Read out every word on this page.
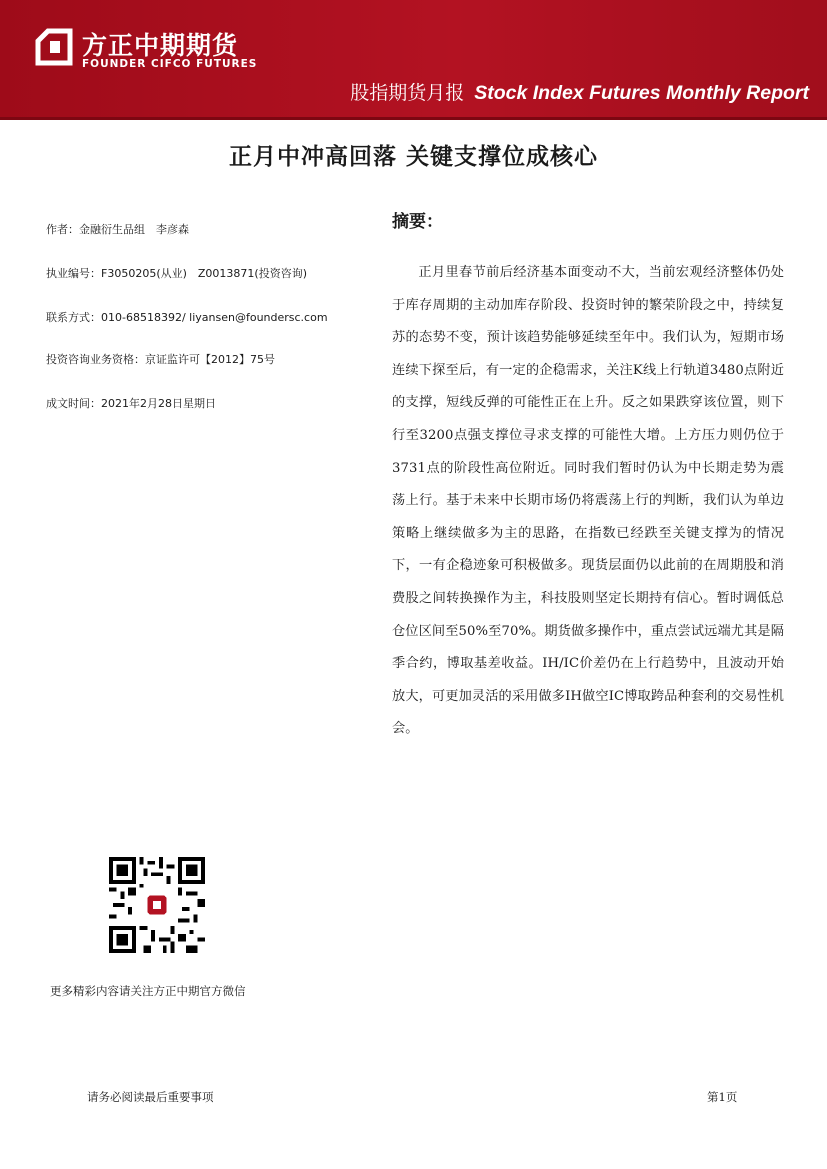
方正中期期货
FOUNDER CIFCO FUTURES
股指期货月报 Stock Index Futures Monthly Report
正月中冲高回落 关键支撑位成核心
作者：金融衍生品组　李彦森
执业编号：F3050205(从业)　Z0013871(投资咨询)
联系方式：010-68518392/ liyansen@foundersc.com
投资咨询业务资格：京证监许可【2012】75号
成文时间：2021年2月28日星期日
摘要：

正月里春节前后经济基本面变动不大，当前宏观经济整体仍处于库存周期的主动加库存阶段、投资时钟的繁荣阶段之中，持续复苏的态势不变，预计该趋势能够延续至年中。我们认为，短期市场连续下探至后，有一定的企稳需求，关注K线上行轨道3480点附近的支撑，短线反弹的可能性正在上升。反之如果跌穿该位置，则下行至3200点强支撑位寻求支撑的可能性大增。上方压力则仍位于3731点的阶段性高位附近。同时我们暂时仍认为中长期走势为震荡上行。基于未来中长期市场仍将震荡上行的判断，我们认为单边策略上继续做多为主的思路，在指数已经跌至关键支撑为的情况下，一有企稳迹象可积极做多。现货层面仍以此前的在周期股和消费股之间转换操作为主，科技股则坚定长期持有信心。暂时调低总仓位区间至50%至70%。期货做多操作中，重点尝试远端尤其是隔季合约，博取基差收益。IH/IC价差仍在上行趋势中，且波动开始放大，可更加灵活的采用做多IH做空IC博取跨品种套利的交易性机会。

更多精彩内容请关注方正中期官方微信
请务必阅读最后重要事项	第1页
